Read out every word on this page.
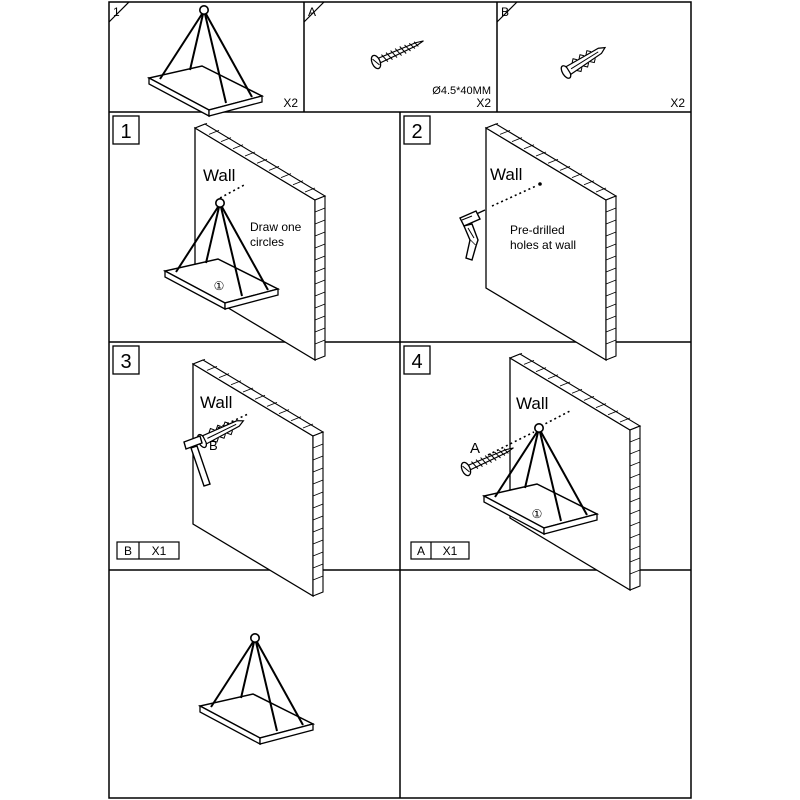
1
X2
A
Ø4.5*40MM
X2
B
X2
1
Wall
Draw one
circles
①
2
Wall
Pre-drilled
holes at wall
3
Wall
B
B X1
4
Wall
A
①
A X1
